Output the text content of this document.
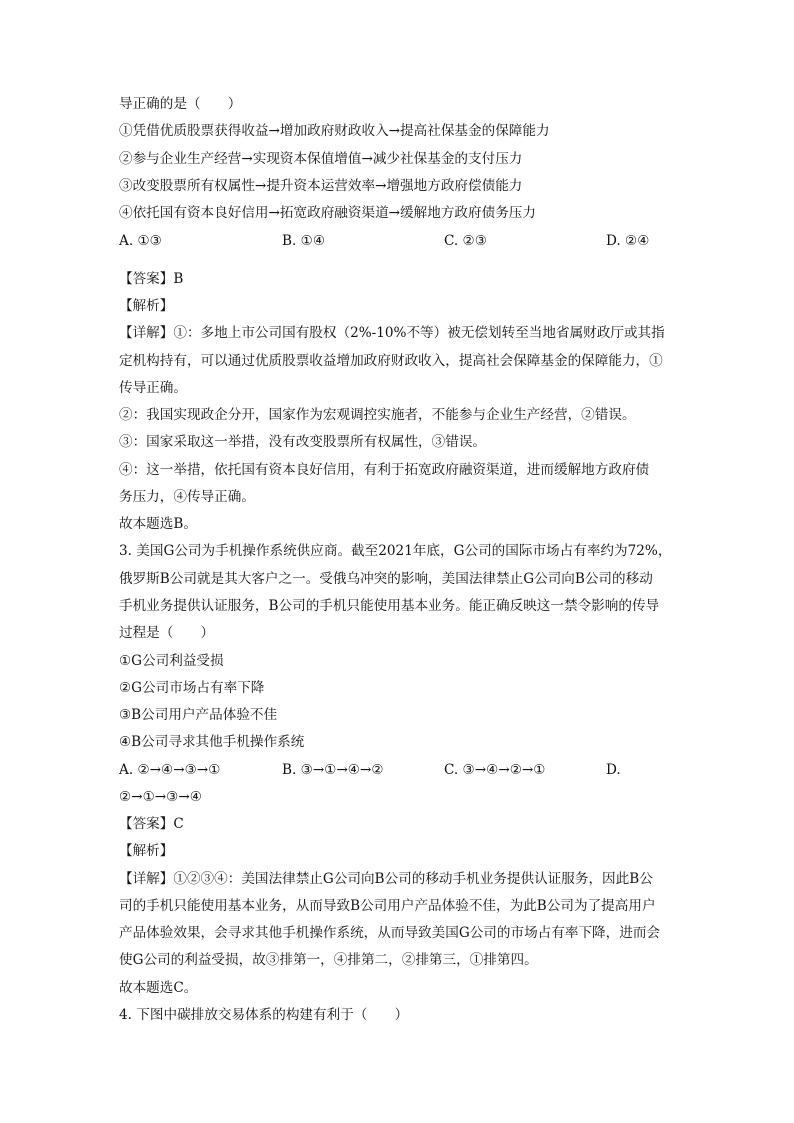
导正确的是（　　）
①凭借优质股票获得收益→增加政府财政收入→提高社保基金的保障能力
②参与企业生产经营→实现资本保值增值→减少社保基金的支付压力
③改变股票所有权属性→提升资本运营效率→增强地方政府偿债能力
④依托国有资本良好信用→拓宽政府融资渠道→缓解地方政府债务压力
A. ①③	B. ①④	C. ②③	D. ②④
【答案】B
【解析】
【详解】①：多地上市公司国有股权（2%-10%不等）被无偿划转至当地省属财政厅或其指
定机构持有，可以通过优质股票收益增加政府财政收入，提高社会保障基金的保障能力，①
传导正确。
②：我国实现政企分开，国家作为宏观调控实施者，不能参与企业生产经营，②错误。
③：国家采取这一举措，没有改变股票所有权属性，③错误。
④：这一举措，依托国有资本良好信用，有利于拓宽政府融资渠道，进而缓解地方政府债
务压力，④传导正确。
故本题选B。
3. 美国G公司为手机操作系统供应商。截至2021年底，G公司的国际市场占有率约为72%，
俄罗斯B公司就是其大客户之一。受俄乌冲突的影响，美国法律禁止G公司向B公司的移动
手机业务提供认证服务，B公司的手机只能使用基本业务。能正确反映这一禁令影响的传导
过程是（　　）
①G公司利益受损
②G公司市场占有率下降
③B公司用户产品体验不佳
④B公司寻求其他手机操作系统
A. ②→④→③→①	B. ③→①→④→②	C. ③→④→②→①	D.
②→①→③→④
【答案】C
【解析】
【详解】①②③④：美国法律禁止G公司向B公司的移动手机业务提供认证服务，因此B公
司的手机只能使用基本业务，从而导致B公司用户产品体验不佳，为此B公司为了提高用户
产品体验效果，会寻求其他手机操作系统，从而导致美国G公司的市场占有率下降，进而会
使G公司的利益受损，故③排第一，④排第二，②排第三，①排第四。
故本题选C。
4. 下图中碳排放交易体系的构建有利于（　　）
